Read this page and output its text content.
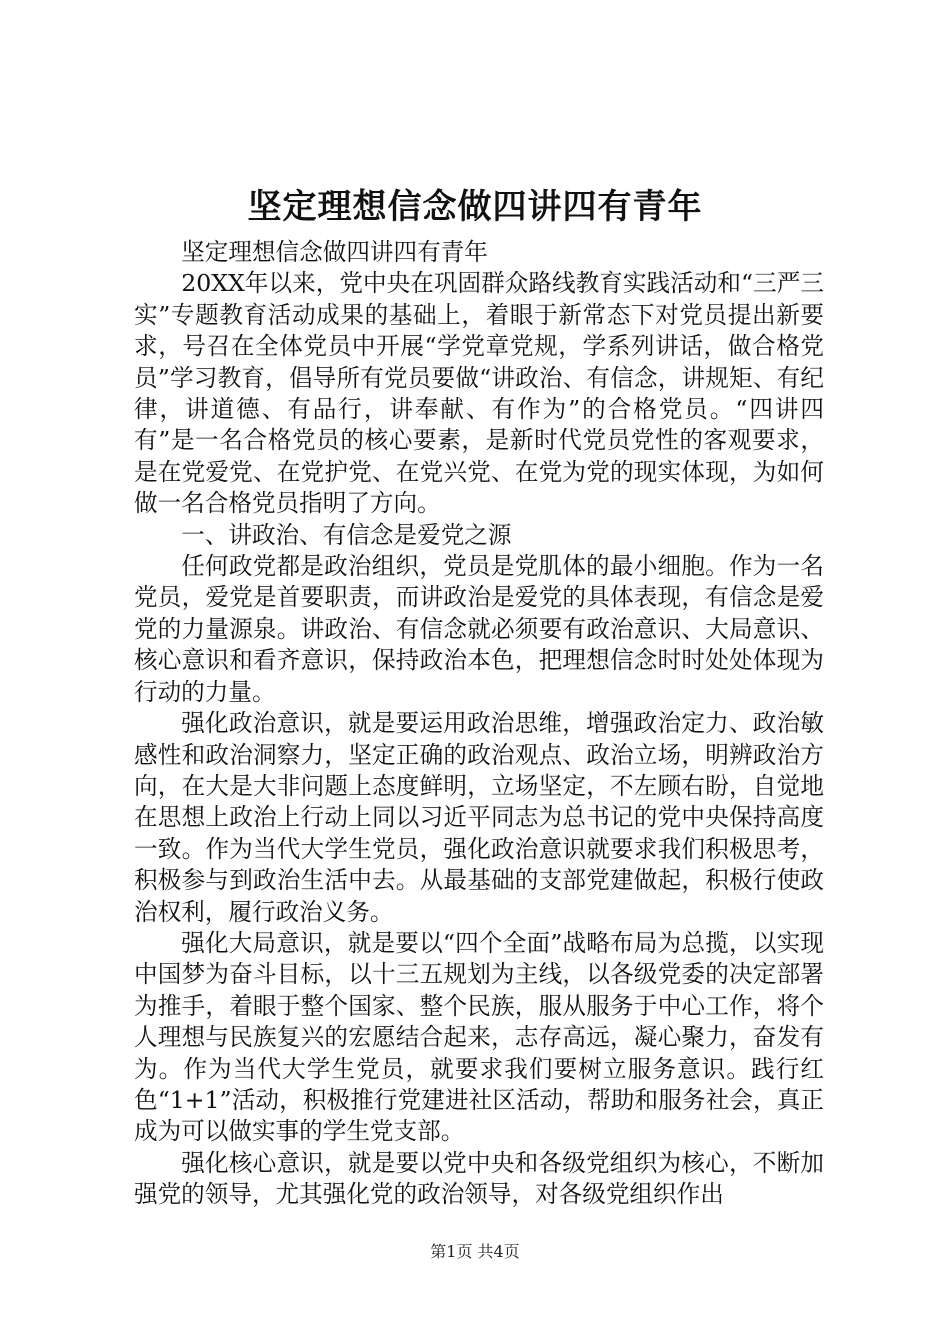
坚定理想信念做四讲四有青年

坚定理想信念做四讲四有青年

20XX年以来，党中央在巩固群众路线教育实践活动和“三严三实”专题教育活动成果的基础上，着眼于新常态下对党员提出新要求，号召在全体党员中开展“学党章党规，学系列讲话，做合格党员”学习教育，倡导所有党员要做“讲政治、有信念，讲规矩、有纪律，讲道德、有品行，讲奉献、有作为”的合格党员。“四讲四有”是一名合格党员的核心要素，是新时代党员党性的客观要求，是在党爱党、在党护党、在党兴党、在党为党的现实体现，为如何做一名合格党员指明了方向。

一、讲政治、有信念是爱党之源

任何政党都是政治组织，党员是党肌体的最小细胞。作为一名党员，爱党是首要职责，而讲政治是爱党的具体表现，有信念是爱党的力量源泉。讲政治、有信念就必须要有政治意识、大局意识、核心意识和看齐意识，保持政治本色，把理想信念时时处处体现为行动的力量。

强化政治意识，就是要运用政治思维，增强政治定力、政治敏感性和政治洞察力，坚定正确的政治观点、政治立场，明辨政治方向，在大是大非问题上态度鲜明，立场坚定，不左顾右盼，自觉地在思想上政治上行动上同以习近平同志为总书记的党中央保持高度一致。作为当代大学生党员，强化政治意识就要求我们积极思考，积极参与到政治生活中去。从最基础的支部党建做起，积极行使政治权利，履行政治义务。

强化大局意识，就是要以“四个全面”战略布局为总揽，以实现中国梦为奋斗目标，以十三五规划为主线，以各级党委的决定部署为推手，着眼于整个国家、整个民族，服从服务于中心工作，将个人理想与民族复兴的宏愿结合起来，志存高远，凝心聚力，奋发有为。作为当代大学生党员，就要求我们要树立服务意识。践行红色“1+1”活动，积极推行党建进社区活动，帮助和服务社会，真正成为可以做实事的学生党支部。

强化核心意识，就是要以党中央和各级党组织为核心，不断加强党的领导，尤其强化党的政治领导，对各级党组织作出

第1页 共4页
